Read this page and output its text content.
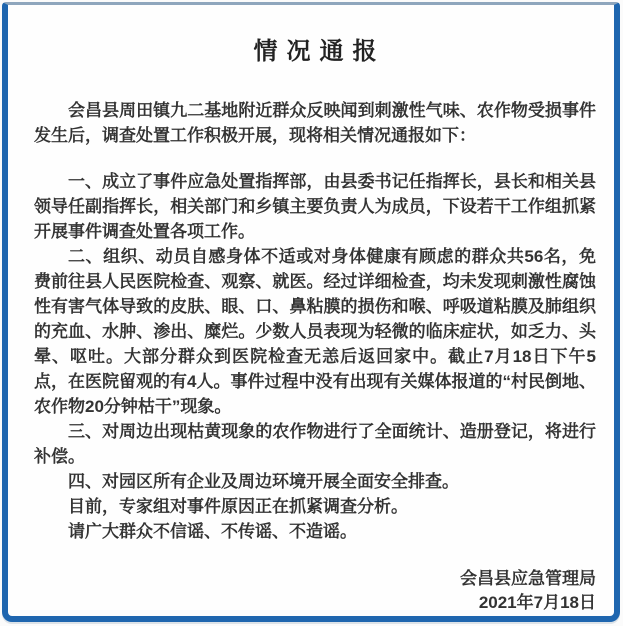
情况通报

会昌县周田镇九二基地附近群众反映闻到刺激性气味、农作物受损事件发生后，调查处置工作积极开展，现将相关情况通报如下：

一、成立了事件应急处置指挥部，由县委书记任指挥长，县长和相关县领导任副指挥长，相关部门和乡镇主要负责人为成员，下设若干工作组抓紧开展事件调查处置各项工作。

二、组织、动员自感身体不适或对身体健康有顾虑的群众共56名，免费前往县人民医院检查、观察、就医。经过详细检查，均未发现刺激性腐蚀性有害气体导致的皮肤、眼、口、鼻粘膜的损伤和喉、呼吸道粘膜及肺组织的充血、水肿、渗出、糜烂。少数人员表现为轻微的临床症状，如乏力、头晕、呕吐。大部分群众到医院检查无恙后返回家中。截止7月18日下午5点，在医院留观的有4人。事件过程中没有出现有关媒体报道的“村民倒地、农作物20分钟枯干”现象。

三、对周边出现枯黄现象的农作物进行了全面统计、造册登记，将进行补偿。

四、对园区所有企业及周边环境开展全面安全排查。

目前，专家组对事件原因正在抓紧调查分析。

请广大群众不信谣、不传谣、不造谣。

会昌县应急管理局

2021年7月18日
